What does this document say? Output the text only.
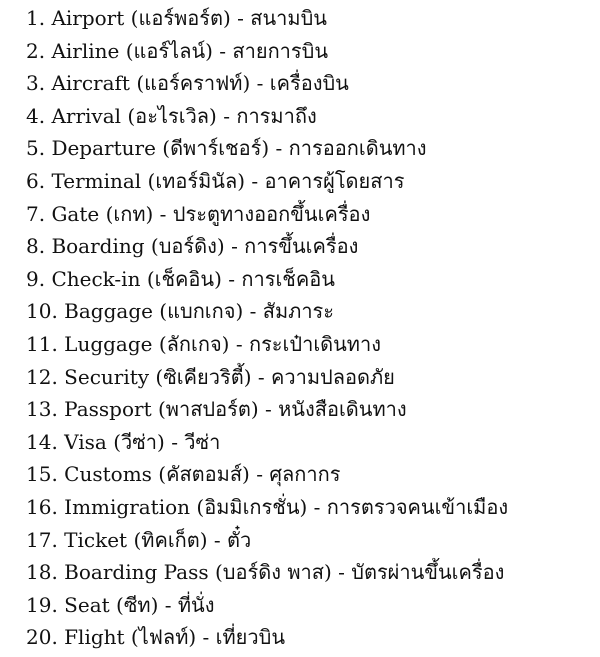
1. Airport (แอร์พอร์ต) - สนามบิน
2. Airline (แอร์ไลน์) - สายการบิน
3. Aircraft (แอร์คราฟท์) - เครื่องบิน
4. Arrival (อะไรเวิล) - การมาถึง
5. Departure (ดีพาร์เชอร์) - การออกเดินทาง
6. Terminal (เทอร์มินัล) - อาคารผู้โดยสาร
7. Gate (เกท) - ประตูทางออกขึ้นเครื่อง
8. Boarding (บอร์ดิง) - การขึ้นเครื่อง
9. Check-in (เช็คอิน) - การเช็คอิน
10. Baggage (แบกเกจ) - สัมภาระ
11. Luggage (ลักเกจ) - กระเป๋าเดินทาง
12. Security (ซิเคียวริตี้) - ความปลอดภัย
13. Passport (พาสปอร์ต) - หนังสือเดินทาง
14. Visa (วีซ่า) - วีซ่า
15. Customs (คัสตอมส์) - ศุลกากร
16. Immigration (อิมมิเกรชั่น) - การตรวจคนเข้าเมือง
17. Ticket (ทิคเก็ต) - ตั๋ว
18. Boarding Pass (บอร์ดิง พาส) - บัตรผ่านขึ้นเครื่อง
19. Seat (ซีท) - ที่นั่ง
20. Flight (ไฟลท์) - เที่ยวบิน
